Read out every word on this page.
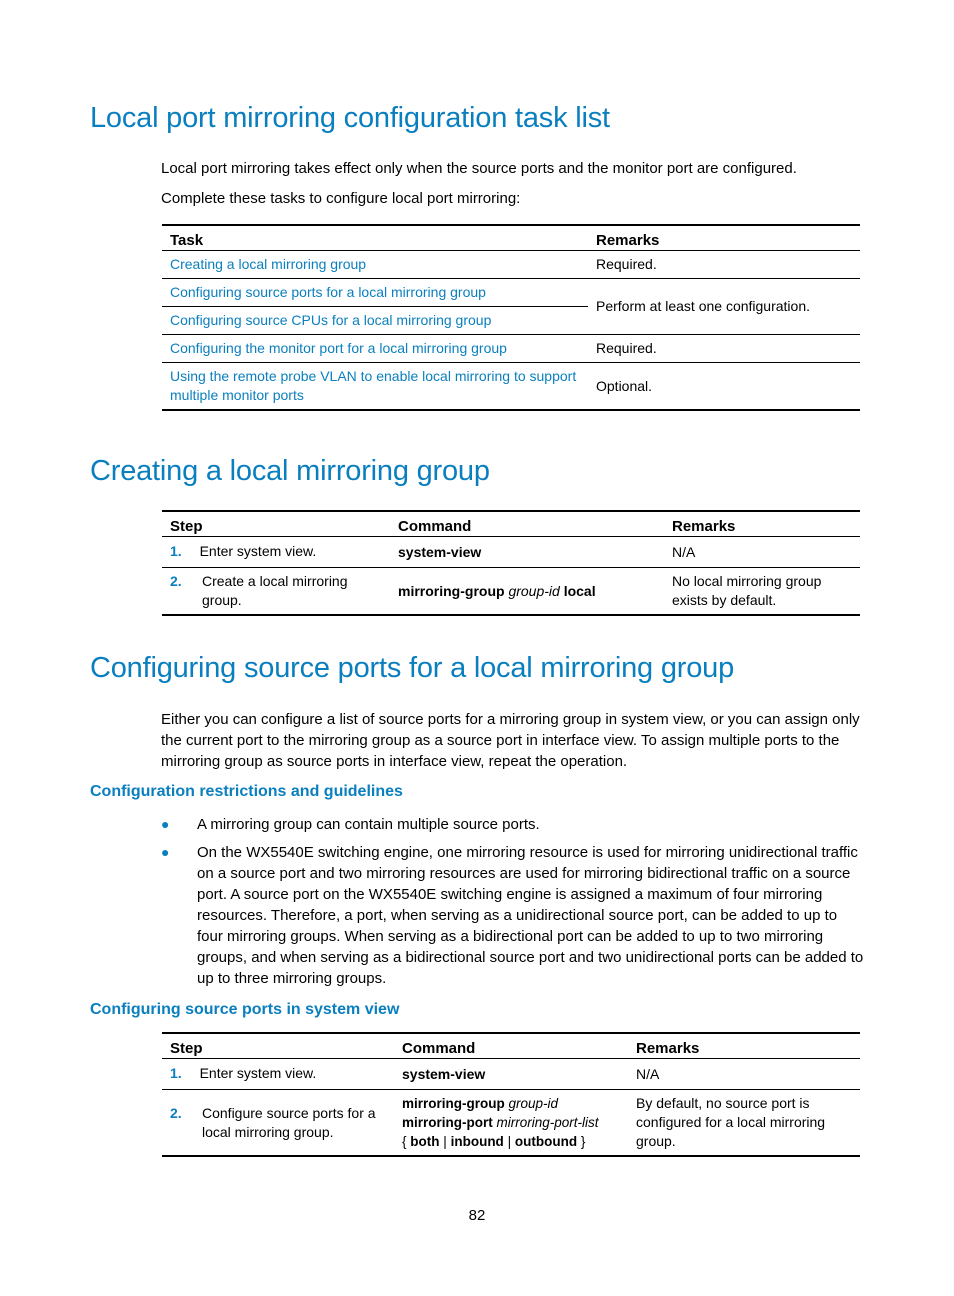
Local port mirroring configuration task list

Local port mirroring takes effect only when the source ports and the monitor port are configured.

Complete these tasks to configure local port mirroring:

Task	Remarks
Creating a local mirroring group	Required.
Configuring source ports for a local mirroring group	Perform at least one configuration.
Configuring source CPUs for a local mirroring group	
Configuring the monitor port for a local mirroring group	Required.
Using the remote probe VLAN to enable local mirroring to support multiple monitor ports	Optional.
Creating a local mirroring group
Step	Command	Remarks
1. Enter system view.	system-view	N/A

2. Create a local mirroring group.	mirroring-group group-id local	No local mirroring group exists by default.
Configuring source ports for a local mirroring group

Either you can configure a list of source ports for a mirroring group in system view, or you can assign only the current port to the mirroring group as a source port in interface view. To assign multiple ports to the mirroring group as source ports in interface view, repeat the operation.

Configuration restrictions and guidelines
● A mirroring group can contain multiple source ports.
● On the WX5540E switching engine, one mirroring resource is used for mirroring unidirectional traffic on a source port and two mirroring resources are used for mirroring bidirectional traffic on a source port. A source port on the WX5540E switching engine is assigned a maximum of four mirroring resources. Therefore, a port, when serving as a unidirectional source port, can be added to up to four mirroring groups. When serving as a bidirectional port can be added to up to two mirroring groups, and when serving as a bidirectional source port and two unidirectional ports can be added to up to three mirroring groups.
Configuring source ports in system view
Step	Command	Remarks
1. Enter system view.	system-view	N/A

2. Configure source ports for a local mirroring group.	mirroring-group group-id
mirroring-port mirroring-port-list
{ both | inbound | outbound }	By default, no source port is configured for a local mirroring group.
82
